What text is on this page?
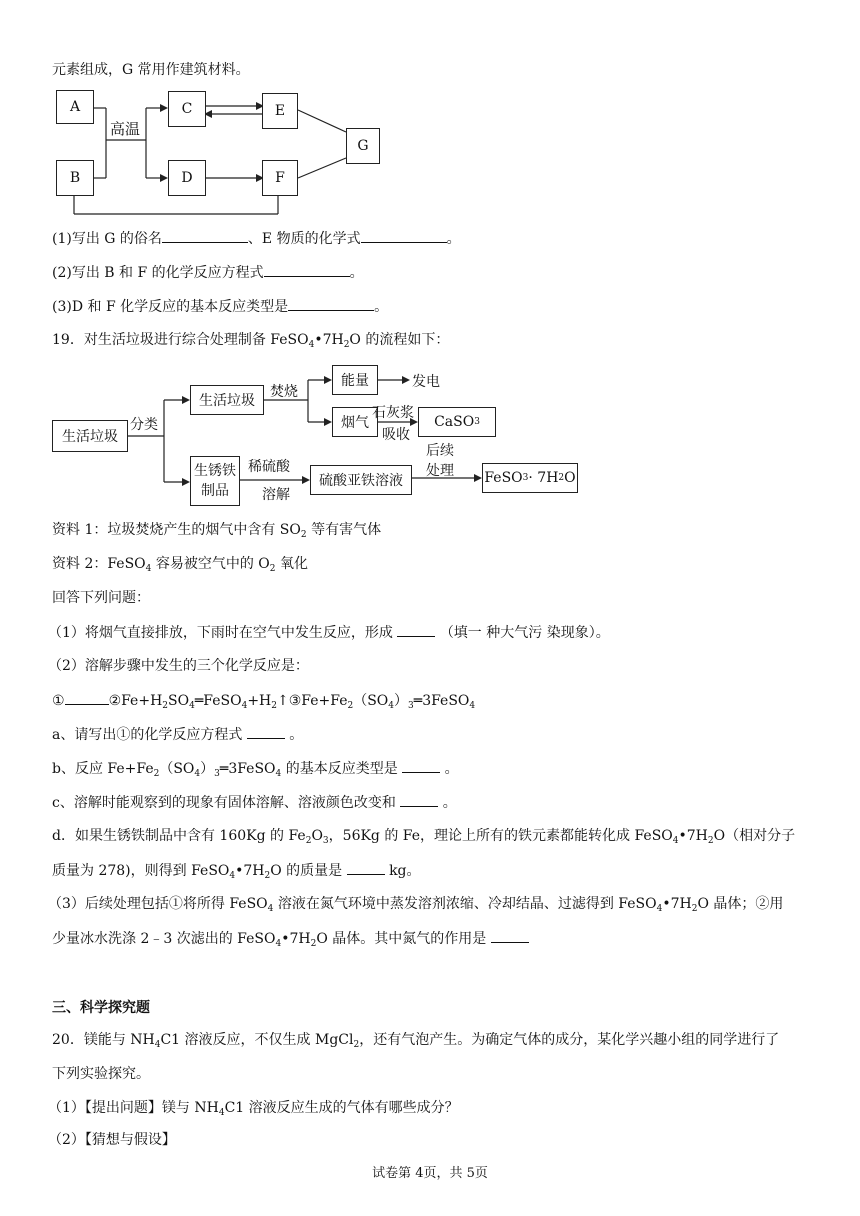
元素组成，G 常用作建筑材料。
A
B
C
D
E
F
G
高温
(1)写出 G 的俗名	、E 物质的化学式	。
(2)写出 B 和 F 的化学反应方程式	。
(3)D 和 F 化学反应的基本反应类型是	。
19．对生活垃圾进行综合处理制备 $FeSO_4•7H_2O$ 的流程如下：
生活垃圾
分类
生活垃圾
焚烧
能量	发电
烟气
石灰浆
吸收
CaSO 3
生锈铁
制品
稀硫酸
溶解
硫酸亚铁溶液
后续
处理 FeSO 3 · 7H 2 O
资料 1：垃圾焚烧产生的烟气中含有 $SO_2$ 等有害气体
资料 2：FeSO$_4$ 容易被空气中的 $O_2$ 氧化
回答下列问题：
（1）将烟气直接排放，下雨时在空气中发生反应，形成	（填一 种大气污 染现象）。
（2）溶解步骤中发生的三个化学反应是：
①	$②Fe+H_2SO_4═FeSO_4+H_2↑③Fe+Fe_2(SO_4)_3═3FeSO_4$
a、请写出①的化学反应方程式	。
b、反应 $Fe+Fe_2(SO_4)_3═3FeSO_4$ 的基本反应类型是	。
c、溶解时能观察到的现象有固体溶解、溶液颜色改变和	。
d．如果生锈铁制品中含有 160Kg 的 $Fe_2O_3$，56Kg 的 Fe，理论上所有的铁元素都能转化成 $FeSO_4•7H_2O$（相对分子
质量为 278)，则得到 $FeSO_4•7H_2O$ 的质量是	kg。
（3）后续处理包括①将所得 FeSO$_4$ 溶液在氮气环境中蒸发溶剂浓缩、冷却结晶、过滤得到 $FeSO_4•7H_2O$ 晶体；②用
少量冰水洗涤 2﹣3 次滤出的 $FeSO_4•7H_2O$ 晶体。其中氮气的作用是
三、科学探究题
20．镁能与 $NH_4C1$ 溶液反应，不仅生成 MgCl$_2$，还有气泡产生。为确定气体的成分，某化学兴趣小组的同学进行了
下列实验探究。
（1）【提出问题】镁与 $NH_4C1$ 溶液反应生成的气体有哪些成分？
（2）【猜想与假设】
试卷第 4页，共 5页
